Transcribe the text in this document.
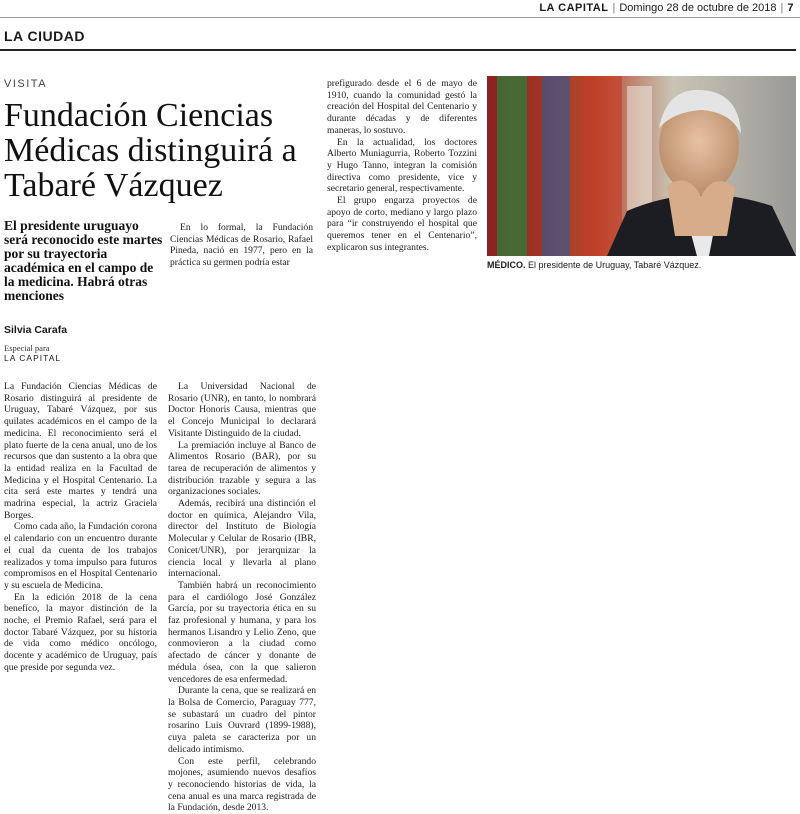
LA CAPITAL | Domingo 28 de octubre de 2018 | 7
LA CIUDAD
VISITA
Fundación Ciencias Médicas distinguirá a Tabaré Vázquez
El presidente uruguayo será reconocido este martes por su trayectoria académica en el campo de la medicina. Habrá otras menciones
Silvia Carafa
Especial para
LA CAPITAL

En lo formal, la Fundación Ciencias Médicas de Rosario, Rafael Pineda, nació en 1977, pero en la práctica su germen podría estar

prefigurado desde el 6 de mayo de 1910, cuando la comunidad gestó la creación del Hospital del Centenario y durante décadas y de diferentes maneras, lo sostuvo.

En la actualidad, los doctores Alberto Muniagurria, Roberto Tozzini y Hugo Tanno, integran la comisión directiva como presidente, vice y secretario general, respectivamente.

El grupo engarza proyectos de apoyo de corto, mediano y largo plazo para “ir construyendo el hospital que queremos tener en el Centenario”, explicaron sus integrantes.

MÉDICO. El presidente de Uruguay, Tabaré Vázquez.

La Fundación Ciencias Médicas de Rosario distinguirá al presidente de Uruguay, Tabaré Vázquez, por sus quilates académicos en el campo de la medicina. El reconocimiento será el plato fuerte de la cena anual, uno de los recursos que dan sustento a la obra que la entidad realiza en la Facultad de Medicina y el Hospital Centenario. La cita será este martes y tendrá una madrina especial, la actriz Graciela Borges.

Como cada año, la Fundación corona el calendario con un encuentro durante el cual da cuenta de los trabajos realizados y toma impulso para futuros compromisos en el Hospital Centenario y su escuela de Medicina.

En la edición 2018 de la cena benefíco, la mayor distinción de la noche, el Premio Rafael, será para el doctor Tabaré Vázquez, por su historia de vida como médico oncólogo, docente y académico de Uruguay, país que preside por segunda vez.

La Universidad Nacional de Rosario (UNR), en tanto, lo nombrará Doctor Honoris Causa, mientras que el Concejo Municipal lo declarará Visitante Distinguido de la ciudad.

La premiación incluye al Banco de Alimentos Rosario (BAR), por su tarea de recuperación de alimentos y distribución trazable y segura a las organizaciones sociales.

Además, recibirá una distinción el doctor en química, Alejandro Vila, director del Instituto de Biología Molecular y Celular de Rosario (IBR, Conicet/UNR), por jerarquizar la ciencia local y llevarla al plano internacional.

También habrá un reconocimiento para el cardiólogo José González García, por su trayectoria ética en su faz profesional y humana, y para los hermanos Lisandro y Lelio Zeno, que conmovieron a la ciudad como afectado de cáncer y donante de médula ósea, con la que salieron vencedores de esa enfermedad.

Durante la cena, que se realizará en la Bolsa de Comercio, Paraguay 777, se subastará un cuadro del pintor rosarino Luis Ouvrard (1899-1988), cuya paleta se caracteriza por un delicado intimismo.

Con este perfil, celebrando mojones, asumiendo nuevos desafíos y reconociendo historias de vida, la cena anual es una marca registrada de la Fundación, desde 2013.
